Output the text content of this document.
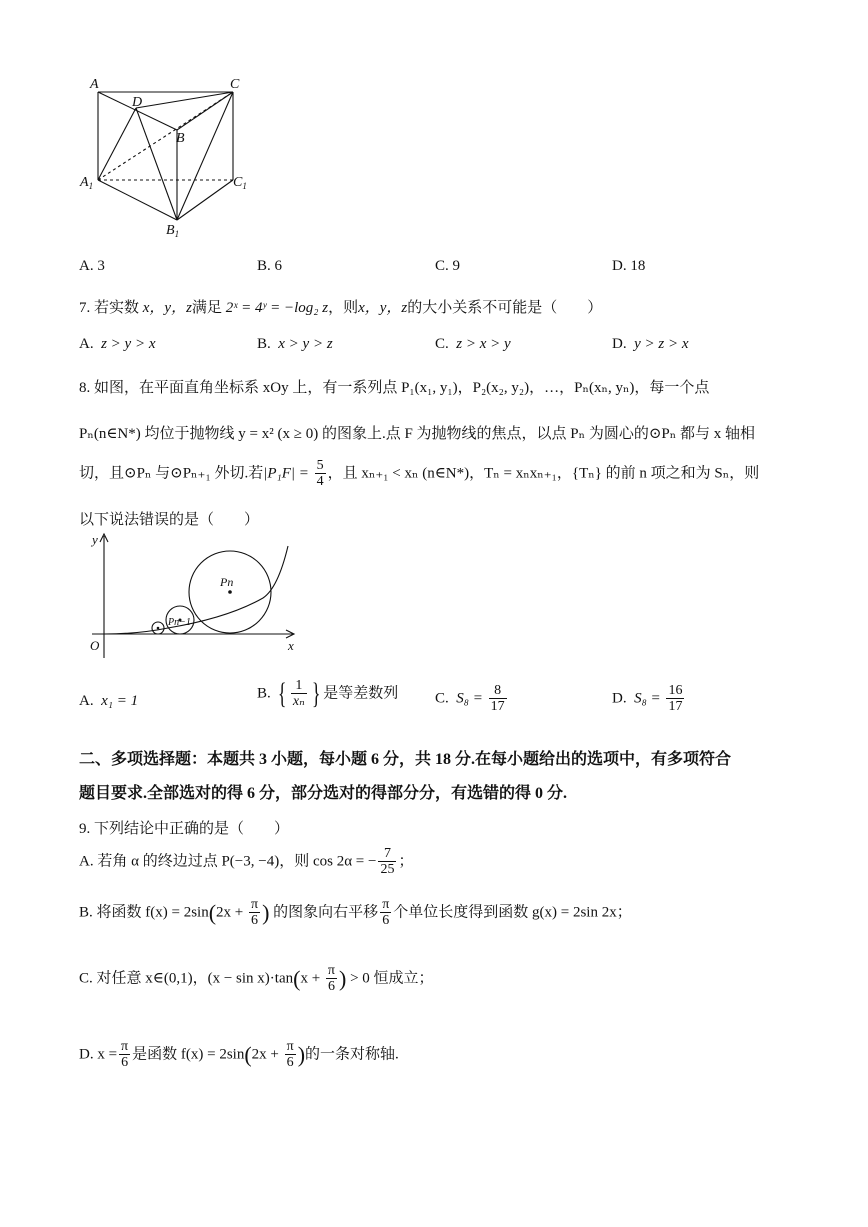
A	C
D
B
$A_1$	$C_1$
$B_1$
A. 3	B. 6	C. 9	D. 18
7. 若实数 x，y，z满足 2ˣ = 4ʸ = −log₂ z，则x，y，z的大小关系不可能是（　　）
A. z > y > x	B. x > y > z	C. z > x > y	D. y > z > x
8. 如图，在平面直角坐标系 xOy 上，有一系列点 P₁(x₁, y₁)，P₂(x₂, y₂)，…，Pₙ(xₙ, yₙ)，每一个点
Pₙ(n∈N*) 均位于抛物线 y = x² (x ≥ 0) 的图象上.点 F 为抛物线的焦点，以点 Pₙ 为圆心的⊙Pₙ 都与 x 轴相
切，且⊙Pₙ 与⊙Pₙ₊₁ 外切.若$|P_1F| = \frac{5}{4}$ ，且 xₙ₊₁ < xₙ (n∈N*)，Tₙ = xₙxₙ₊₁，{Tₙ} 的前 n 项之和为 Sₙ，则
以下说法错误的是（　　）
y
x
O
Pn
Pn−1
A. x₁ = 1	B. { $\frac{1}{\text{xₙ}}$ } 是等差数列 C. $S_8 = \frac{8}{17}$	D. $S_8 = \frac{16}{17}$
二、多项选择题：本题共 3 小题，每小题 6 分，共 18 分.在每小题给出的选项中，有多项符合
题目要求.全部选对的得 6 分，部分选对的得部分分，有选错的得 0 分.
9. 下列结论中正确的是（　　）
A. 若角 α 的终边过点 P(−3, −4)，则 cos 2α = − $\frac{7}{25}$ ；
B. 将函数 $f(x) = 2\sin(2x + \frac{\pi}{6}$ ) 的图象向右平移 $\frac{\pi}{6}$ 个单位长度得到函数 g(x) = 2sin 2x；
C. 对任意 x∈(0,1)，$(x - \sin x)\cdot\tan(x + \frac{\pi}{6}$ ) > 0 恒成立；
D. $x = \frac{\pi}{6}$ 是函数 $f(x) = 2\sin(2x + \frac{\pi}{6}$ )的一条对称轴.
